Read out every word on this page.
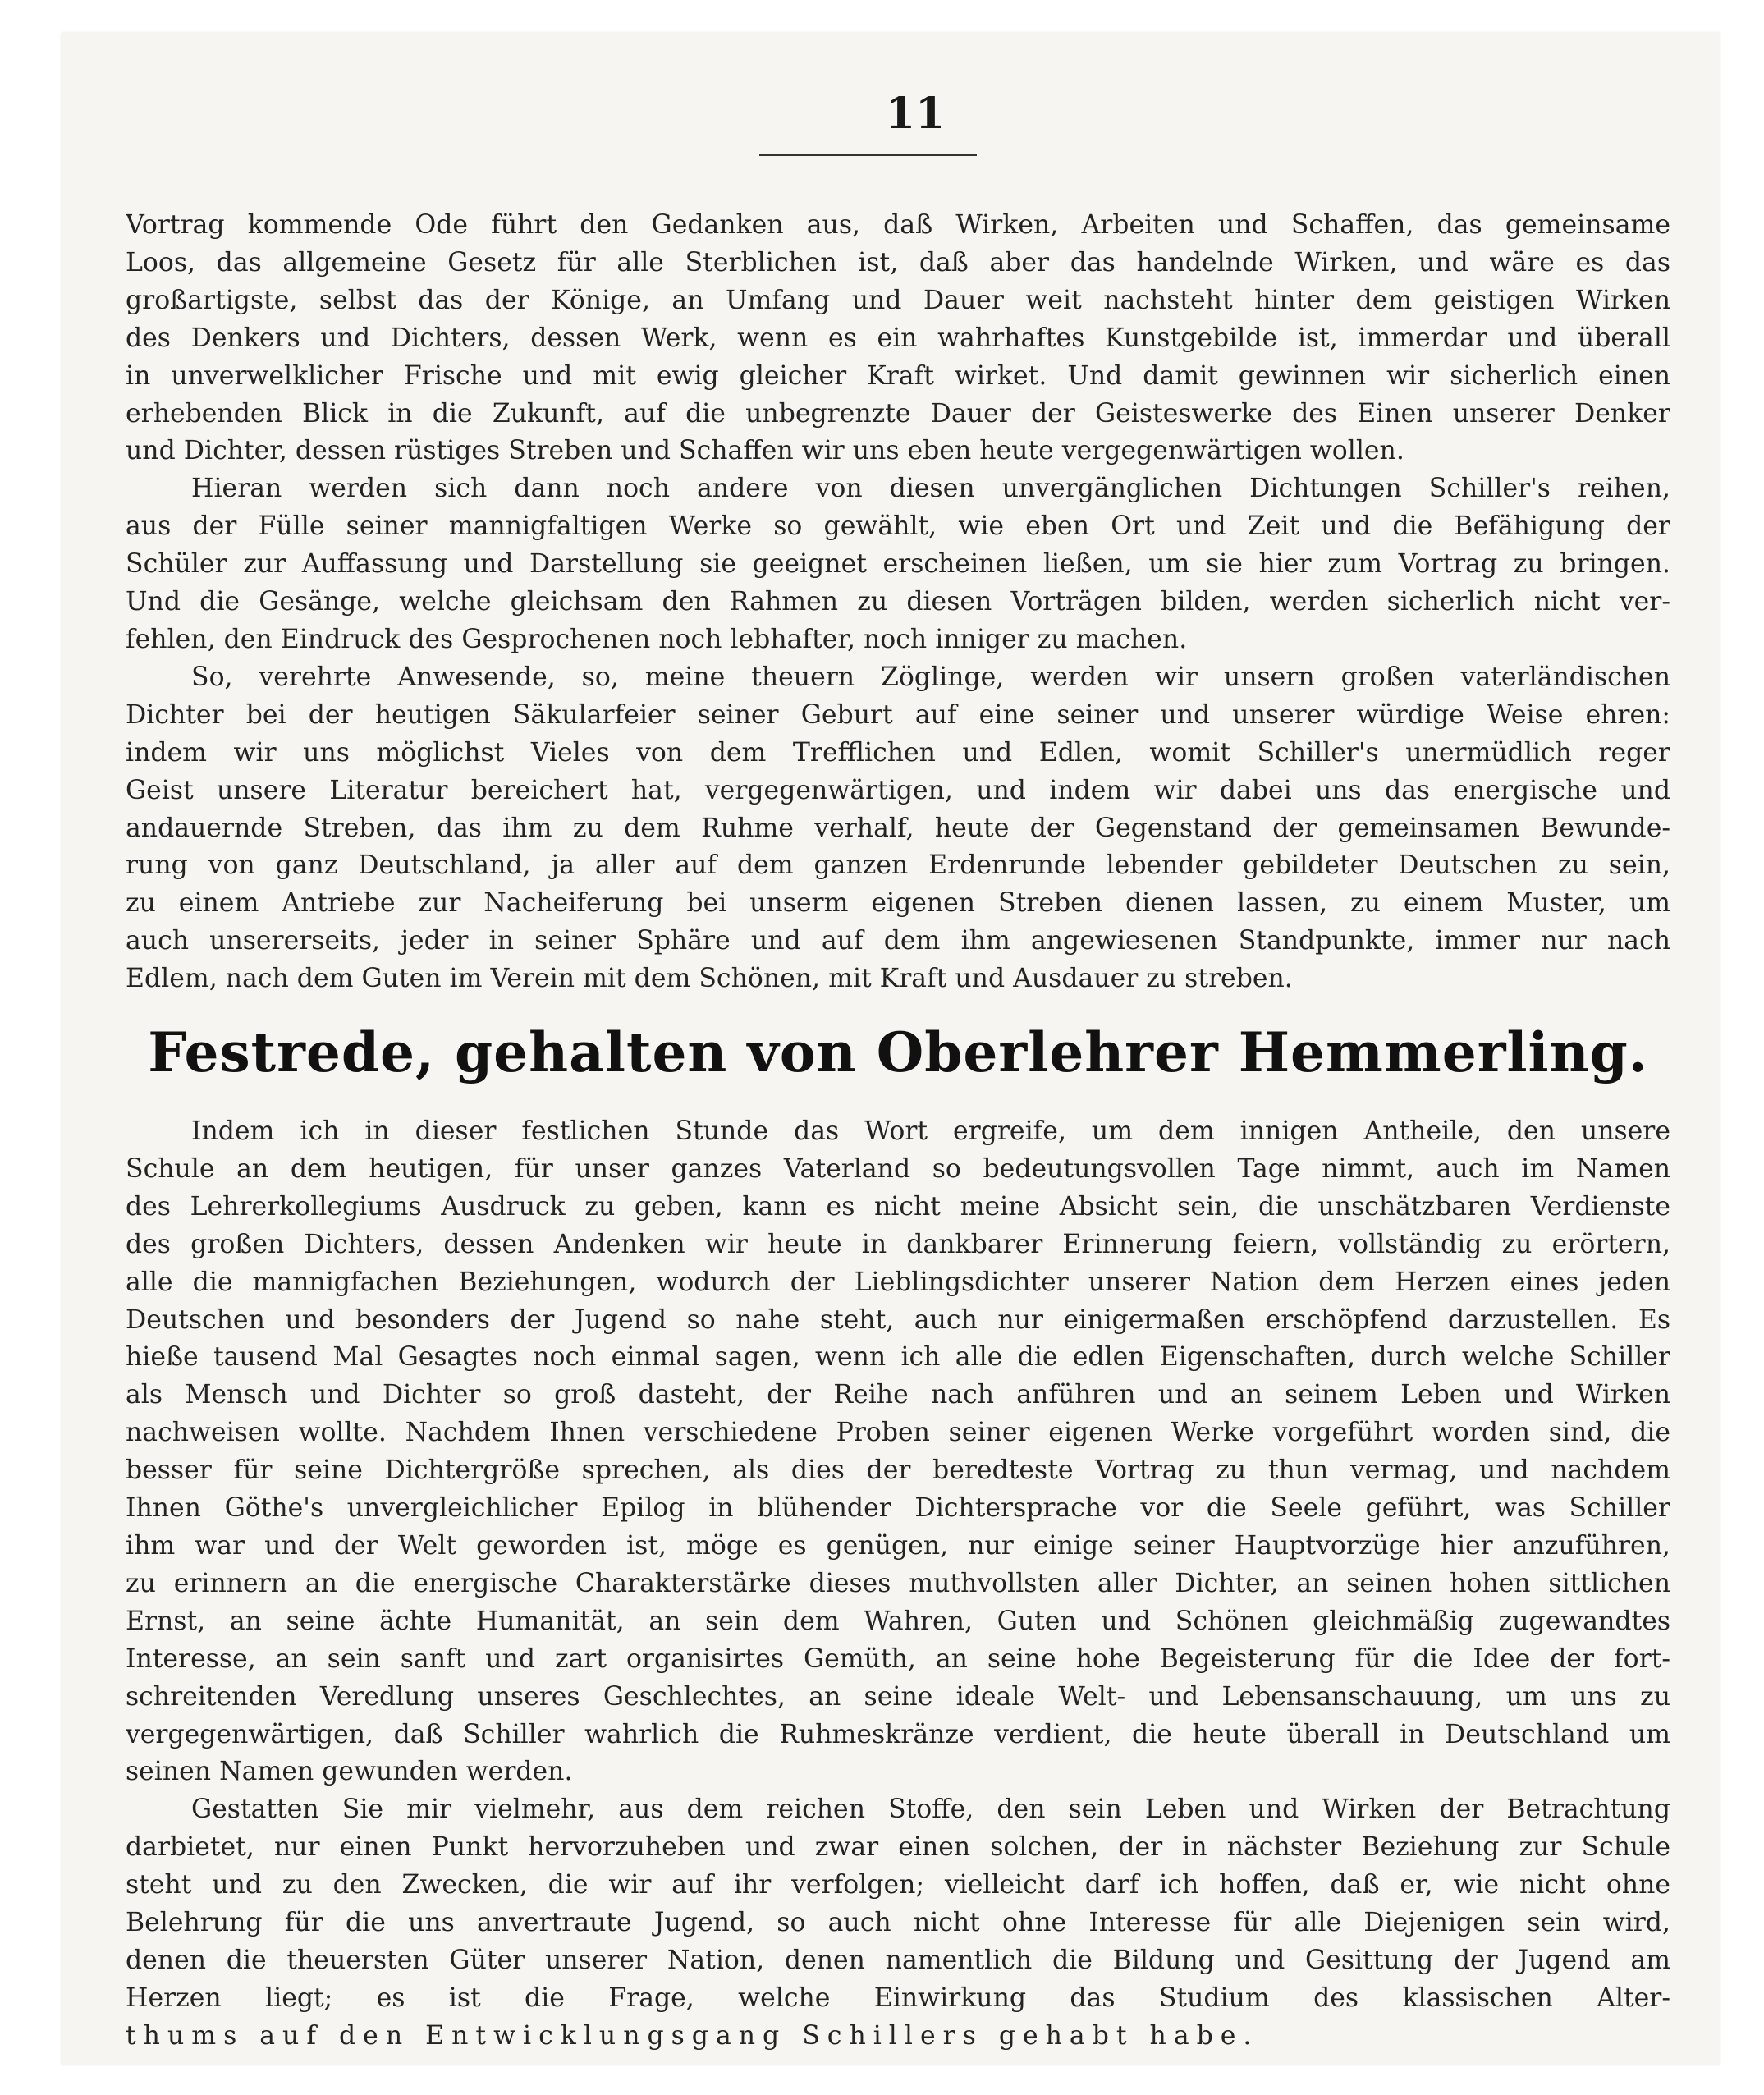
11
Vortrag kommende Ode führt den Gedanken aus, daß Wirken, Arbeiten und Schaffen, das gemeinsame
Loos, das allgemeine Gesetz für alle Sterblichen ist, daß aber das handelnde Wirken, und wäre es das
großartigste, selbst das der Könige, an Umfang und Dauer weit nachsteht hinter dem geistigen Wirken
des Denkers und Dichters, dessen Werk, wenn es ein wahrhaftes Kunstgebilde ist, immerdar und überall
in unverwelklicher Frische und mit ewig gleicher Kraft wirket. Und damit gewinnen wir sicherlich einen
erhebenden Blick in die Zukunft, auf die unbegrenzte Dauer der Geisteswerke des Einen unserer Denker
und Dichter, dessen rüstiges Streben und Schaffen wir uns eben heute vergegenwärtigen wollen.
Hieran werden sich dann noch andere von diesen unvergänglichen Dichtungen Schiller's reihen,
aus der Fülle seiner mannigfaltigen Werke so gewählt, wie eben Ort und Zeit und die Befähigung der
Schüler zur Auffassung und Darstellung sie geeignet erscheinen ließen, um sie hier zum Vortrag zu bringen.
Und die Gesänge, welche gleichsam den Rahmen zu diesen Vorträgen bilden, werden sicherlich nicht ver-
fehlen, den Eindruck des Gesprochenen noch lebhafter, noch inniger zu machen.
So, verehrte Anwesende, so, meine theuern Zöglinge, werden wir unsern großen vaterländischen
Dichter bei der heutigen Säkularfeier seiner Geburt auf eine seiner und unserer würdige Weise ehren:
indem wir uns möglichst Vieles von dem Trefflichen und Edlen, womit Schiller's unermüdlich reger
Geist unsere Literatur bereichert hat, vergegenwärtigen, und indem wir dabei uns das energische und
andauernde Streben, das ihm zu dem Ruhme verhalf, heute der Gegenstand der gemeinsamen Bewunde-
rung von ganz Deutschland, ja aller auf dem ganzen Erdenrunde lebender gebildeter Deutschen zu sein,
zu einem Antriebe zur Nacheiferung bei unserm eigenen Streben dienen lassen, zu einem Muster, um
auch unsererseits, jeder in seiner Sphäre und auf dem ihm angewiesenen Standpunkte, immer nur nach
Edlem, nach dem Guten im Verein mit dem Schönen, mit Kraft und Ausdauer zu streben.
Festrede, gehalten von Oberlehrer Hemmerling.
Indem ich in dieser festlichen Stunde das Wort ergreife, um dem innigen Antheile, den unsere
Schule an dem heutigen, für unser ganzes Vaterland so bedeutungsvollen Tage nimmt, auch im Namen
des Lehrerkollegiums Ausdruck zu geben, kann es nicht meine Absicht sein, die unschätzbaren Verdienste
des großen Dichters, dessen Andenken wir heute in dankbarer Erinnerung feiern, vollständig zu erörtern,
alle die mannigfachen Beziehungen, wodurch der Lieblingsdichter unserer Nation dem Herzen eines jeden
Deutschen und besonders der Jugend so nahe steht, auch nur einigermaßen erschöpfend darzustellen. Es
hieße tausend Mal Gesagtes noch einmal sagen, wenn ich alle die edlen Eigenschaften, durch welche Schiller
als Mensch und Dichter so groß dasteht, der Reihe nach anführen und an seinem Leben und Wirken
nachweisen wollte. Nachdem Ihnen verschiedene Proben seiner eigenen Werke vorgeführt worden sind, die
besser für seine Dichtergröße sprechen, als dies der beredteste Vortrag zu thun vermag, und nachdem
Ihnen Göthe's unvergleichlicher Epilog in blühender Dichtersprache vor die Seele geführt, was Schiller
ihm war und der Welt geworden ist, möge es genügen, nur einige seiner Hauptvorzüge hier anzuführen,
zu erinnern an die energische Charakterstärke dieses muthvollsten aller Dichter, an seinen hohen sittlichen
Ernst, an seine ächte Humanität, an sein dem Wahren, Guten und Schönen gleichmäßig zugewandtes
Interesse, an sein sanft und zart organisirtes Gemüth, an seine hohe Begeisterung für die Idee der fort-
schreitenden Veredlung unseres Geschlechtes, an seine ideale Welt- und Lebensanschauung, um uns zu
vergegenwärtigen, daß Schiller wahrlich die Ruhmeskränze verdient, die heute überall in Deutschland um
seinen Namen gewunden werden.
Gestatten Sie mir vielmehr, aus dem reichen Stoffe, den sein Leben und Wirken der Betrachtung
darbietet, nur einen Punkt hervorzuheben und zwar einen solchen, der in nächster Beziehung zur Schule
steht und zu den Zwecken, die wir auf ihr verfolgen; vielleicht darf ich hoffen, daß er, wie nicht ohne
Belehrung für die uns anvertraute Jugend, so auch nicht ohne Interesse für alle Diejenigen sein wird,
denen die theuersten Güter unserer Nation, denen namentlich die Bildung und Gesittung der Jugend am
Herzen liegt; es ist die Frage, welche Einwirkung das Studium des klassischen Alter-
thums auf den Entwicklungsgang Schillers gehabt habe.
